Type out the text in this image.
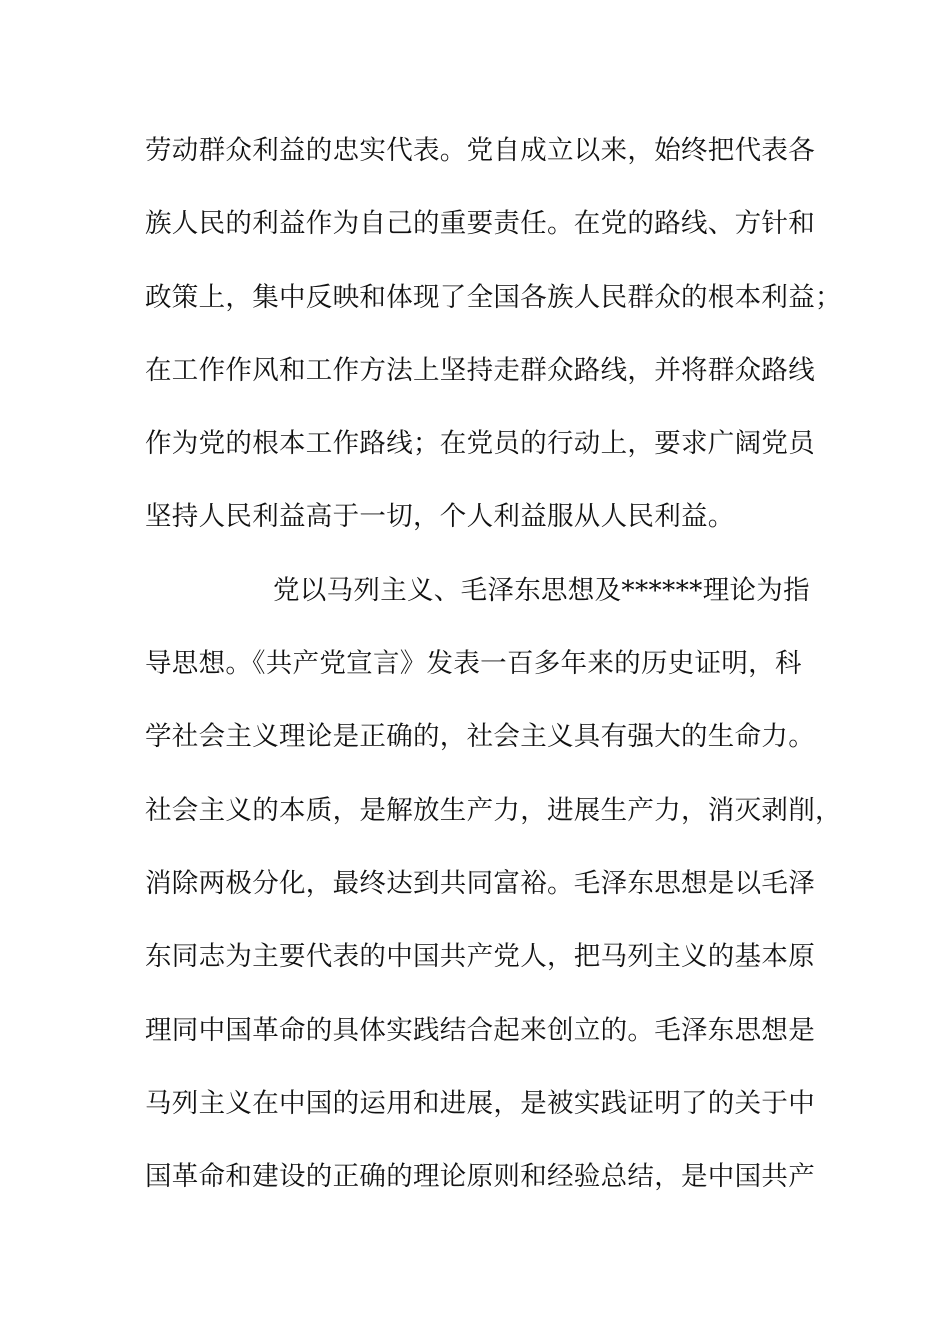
劳动群众利益的忠实代表。党自成立以来，始终把代表各
族人民的利益作为自己的重要责任。在党的路线、方针和
政策上，集中反映和体现了全国各族人民群众的根本利益；
在工作作风和工作方法上坚持走群众路线，并将群众路线
作为党的根本工作路线；在党员的行动上，要求广阔党员
坚持人民利益高于一切，个人利益服从人民利益。
党以马列主义、毛泽东思想及******理论为指
导思想。《共产党宣言》发表一百多年来的历史证明，科
学社会主义理论是正确的，社会主义具有强大的生命力。
社会主义的本质，是解放生产力，进展生产力，消灭剥削，
消除两极分化，最终达到共同富裕。毛泽东思想是以毛泽
东同志为主要代表的中国共产党人，把马列主义的基本原
理同中国革命的具体实践结合起来创立的。毛泽东思想是
马列主义在中国的运用和进展，是被实践证明了的关于中
国革命和建设的正确的理论原则和经验总结，是中国共产
